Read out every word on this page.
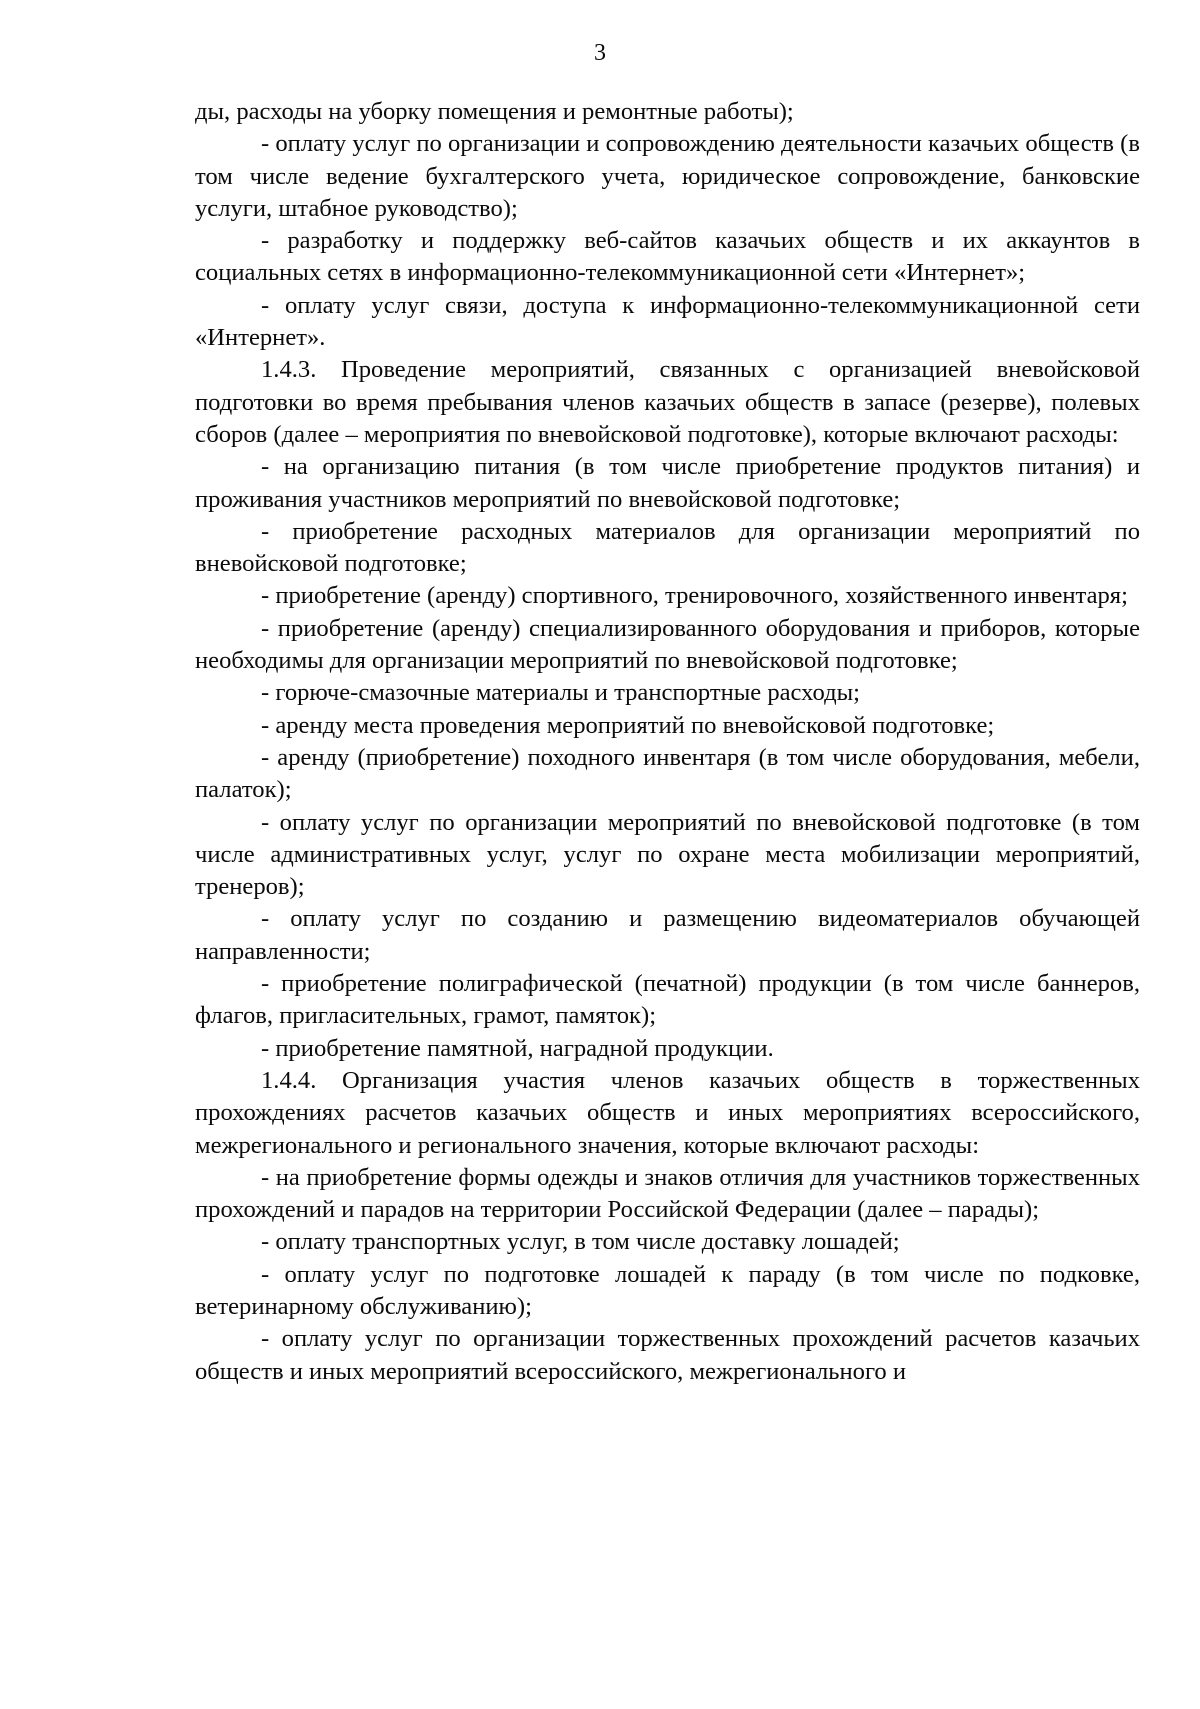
3

ды, расходы на уборку помещения и ремонтные работы);

- оплату услуг по организации и сопровождению деятельности казачьих обществ (в том числе ведение бухгалтерского учета, юридическое сопровождение, банковские услуги, штабное руководство);

- разработку и поддержку веб-сайтов казачьих обществ и их аккаунтов в социальных сетях в информационно-телекоммуникационной сети «Интернет»;

- оплату услуг связи, доступа к информационно-телекоммуникационной сети «Интернет».

1.4.3. Проведение мероприятий, связанных с организацией вневойсковой подготовки во время пребывания членов казачьих обществ в запасе (резерве), полевых сборов (далее – мероприятия по вневойсковой подготовке), которые включают расходы:

- на организацию питания (в том числе приобретение продуктов питания) и проживания участников мероприятий по вневойсковой подготовке;

- приобретение расходных материалов для организации мероприятий по вневойсковой подготовке;

- приобретение (аренду) спортивного, тренировочного, хозяйственного инвентаря;

- приобретение (аренду) специализированного оборудования и приборов, которые необходимы для организации мероприятий по вневойсковой подготовке;

- горюче-смазочные материалы и транспортные расходы;

- аренду места проведения мероприятий по вневойсковой подготовке;

- аренду (приобретение) походного инвентаря (в том числе оборудования, мебели, палаток);

- оплату услуг по организации мероприятий по вневойсковой подготовке (в том числе административных услуг, услуг по охране места мобилизации мероприятий, тренеров);

- оплату услуг по созданию и размещению видеоматериалов обучающей направленности;

- приобретение полиграфической (печатной) продукции (в том числе баннеров, флагов, пригласительных, грамот, памяток);

- приобретение памятной, наградной продукции.

1.4.4. Организация участия членов казачьих обществ в торжественных прохождениях расчетов казачьих обществ и иных мероприятиях всероссийского, межрегионального и регионального значения, которые включают расходы:

- на приобретение формы одежды и знаков отличия для участников торжественных прохождений и парадов на территории Российской Федерации (далее – парады);

- оплату транспортных услуг, в том числе доставку лошадей;

- оплату услуг по подготовке лошадей к параду (в том числе по подковке, ветеринарному обслуживанию);

- оплату услуг по организации торжественных прохождений расчетов казачьих обществ и иных мероприятий всероссийского, межрегионального и
